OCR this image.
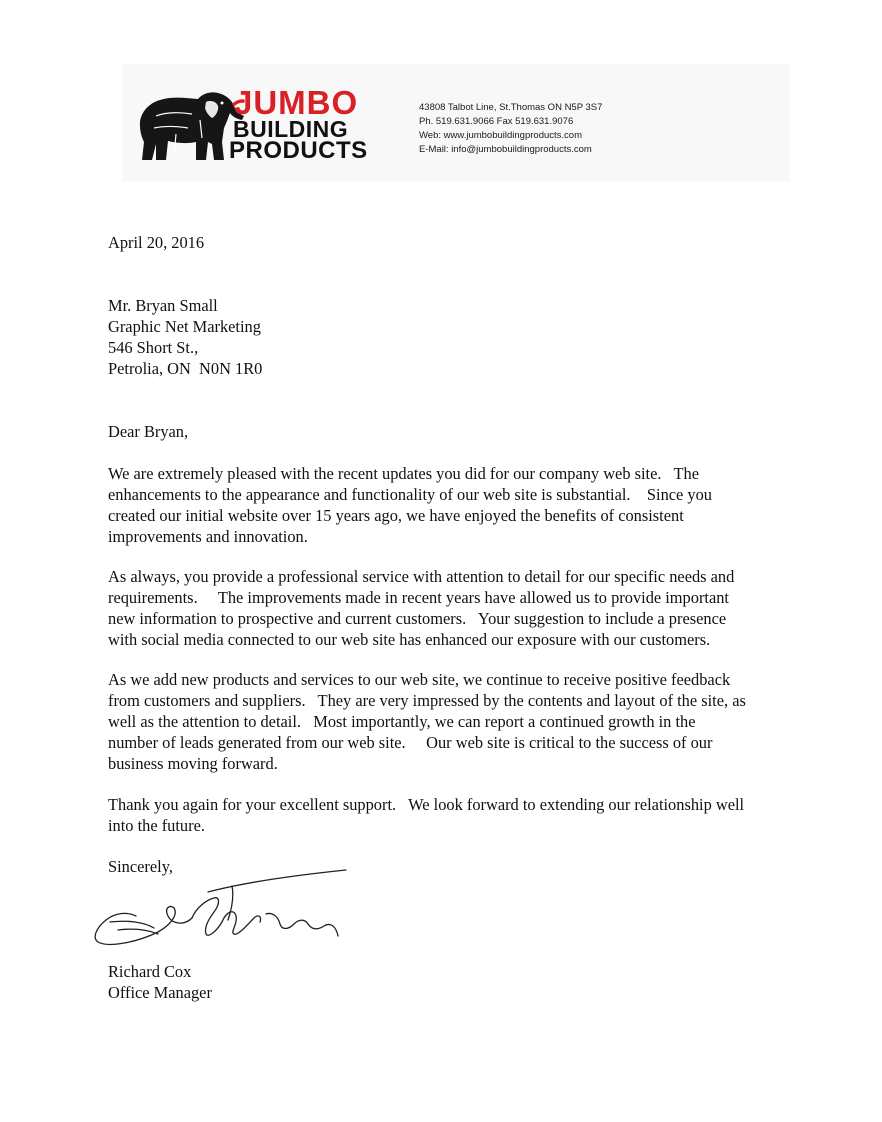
JUMBO
BUILDING
PRODUCTS
43808 Talbot Line, St.Thomas ON N5P 3S7
Ph. 519.631.9066 Fax 519.631.9076
Web: www.jumbobuildingproducts.com
E-Mail: info@jumbobuildingproducts.com
April 20, 2016
Mr. Bryan Small
Graphic Net Marketing
546 Short St.,
Petrolia, ON  N0N 1R0
Dear Bryan,
We are extremely pleased with the recent updates you did for our company web site.   The
enhancements to the appearance and functionality of our web site is substantial.    Since you
created our initial website over 15 years ago, we have enjoyed the benefits of consistent
improvements and innovation.
As always, you provide a professional service with attention to detail for our specific needs and
requirements.     The improvements made in recent years have allowed us to provide important
new information to prospective and current customers.   Your suggestion to include a presence
with social media connected to our web site has enhanced our exposure with our customers.
As we add new products and services to our web site, we continue to receive positive feedback
from customers and suppliers.   They are very impressed by the contents and layout of the site, as
well as the attention to detail.   Most importantly, we can report a continued growth in the
number of leads generated from our web site.     Our web site is critical to the success of our
business moving forward.
Thank you again for your excellent support.   We look forward to extending our relationship well
into the future.
Sincerely,
Richard Cox
Office Manager
